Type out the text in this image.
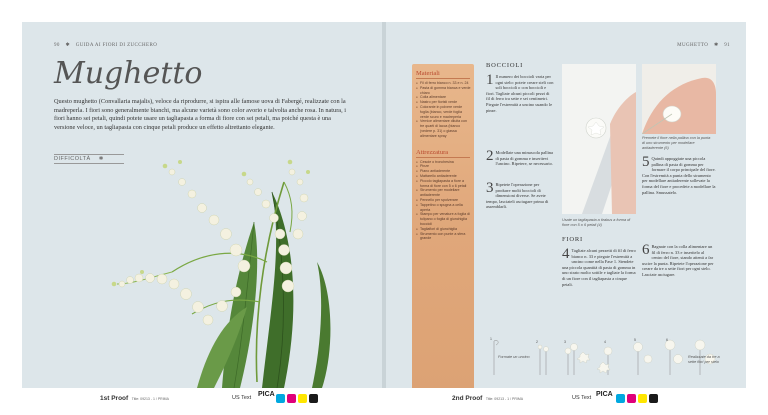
90 ✱ GUIDA AI FIORI DI ZUCCHERO
Mughetto

Questo mughetto (Convallaria majalis), veloce da riprodurre, si ispira alle famose uova di Fabergé, realizzate con la madreperla. I fiori sono generalmente bianchi, ma alcune varietà sono color avorio e talvolta anche rosa. In natura, i fiori hanno sei petali, quindi potete usare un tagliapasta a forma di fiore con sei petali, ma poiché questa è una versione veloce, un tagliapasta con cinque petali produce un effetto altrettanto elegante.

DIFFICOLTÀ ✱
MUGHETTO ✱ 91
Materiali
● Fil di ferro bianco n. 33 e n. 24
● Pasta di gomma bianca e verde chiaro
● Colla alimentare
● Nastro per fioristi verde
● Colorante in polvere verde foglia (bianco, verde foglia verde scuro e madreperla
● Vernice alimentare diluita con tre quarti di lacca (bianco (vedere p. 31) o glassa alimentare spray
Attrezzatura
● Cesoie o tronchesina
● Pinze
● Piano antiaderente
● Mattarello antiaderente
● Piccolo tagliapasta a fiore a forma di fiore con 5 o 6 petali
● Strumento per modellare antiaderente
● Pennello per spolverare
● Tappetino o spugna a cella aperta
● Stampo per venature a foglia di tulipano o foglia di giunchiglia boccioli
● Tagliafiori di giunchiglia
● Strumento con punte a sfera grande
BOCCIOLI
1 Il numero dei boccioli varia per ogni stelo: potete creare steli con soli boccioli o con boccioli e fiori. Tagliate alcuni piccoli pezzi di fil di ferro tra sette e sei centimetri. Piegate l'estremità a uncino usando le pinze.
2 Modellate una minuscola pallina di pasta di gomma e inseritevi l'uncino. Ripetere, se necessario.
3 Ripetete l'operazione per produrre molti boccioli di dimensioni diverse. Se avete tempo, lasciateli asciugare prima di assemblarli.
Usate un tagliapasta a tirabus a forma di fiore con 5 o 6 petali (4)
Premete il fiore nella pallina con la punta di uno strumento per modellare antiaderente (6)
FIORI
4 Tagliate alcuni pezzetti di fil di ferro bianco n. 33 e piegate l'estremità a uncino come nella Fase 1. Stendete una piccola quantità di pasta di gomma in uno strato molto sottile e tagliate la forma di un fiore con il tagliapasta a cinque petali.
5 Quindi appoggiate una piccola pallina di pasta di gomma per formare il corpo principale del fiore. Con l'estremità a punta dello strumento per modellare antiaderente sollevate la forma del fiore e procedete a modellare la pallina. Smussatelo.
6 Bagnate con la colla alimentare un fil di ferro n. 33 e inseritelo al centro del fiore, stando attenti a far uscire la punta. Ripetete l'operazione per creare da tre a sette fiori per ogni stelo. Lasciate asciugare.
1
2	3	4	5	6
Formate un uncino	Realizzate da tre a sette fiori per stelo
1st Proof Title: 09213 - 1 / PRIMA	US Text PICA
2nd Proof Title: 09213 - 1 / PRIMA	US Text PICA
